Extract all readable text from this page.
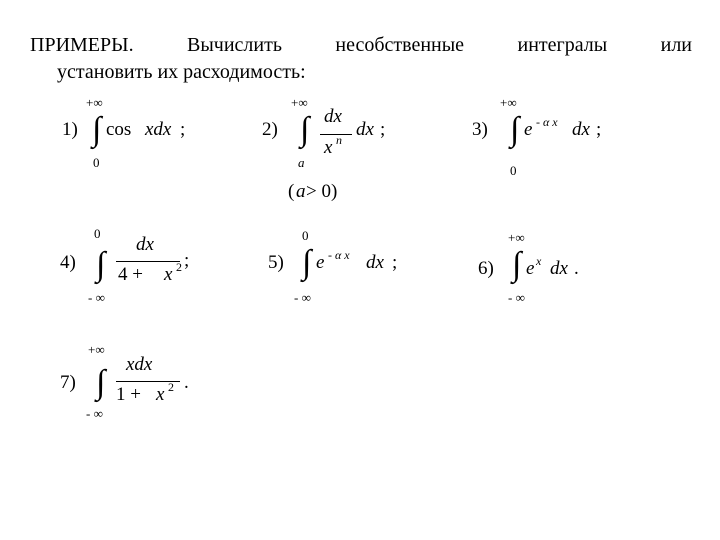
ПРИМЕРЫ.	Вычислить	несобственные	интегралы	или
установить их расходимость:
1)
+∞
∫
0
cos xdx ;	2)
+∞
∫
a
dx
x n dx ;
( a > 0)
3)
+∞
∫
0
e - α x dx ;
4)
0
∫
- ∞
dx
4 + x 2 ;	5)
0
∫
- ∞
e - α x dx ;	6)
+∞
∫
- ∞
e x dx .
7)
+∞
∫
- ∞
xdx
1 + x 2 .
